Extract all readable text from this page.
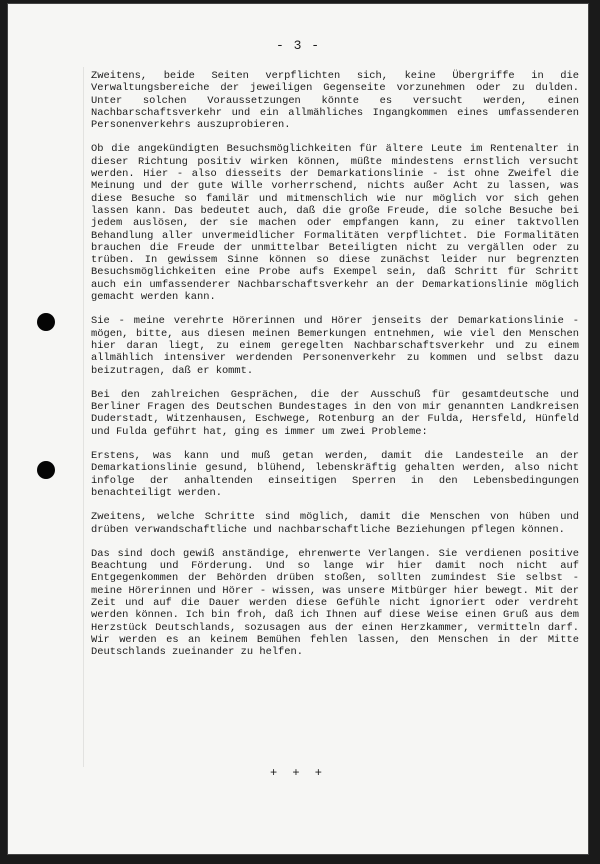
- 3 -

Zweitens, beide Seiten verpflichten sich, keine Übergriffe in die Verwaltungsbereiche der jeweiligen Gegenseite vorzunehmen oder zu dulden. Unter solchen Voraussetzungen könnte es versucht werden, einen Nachbarschaftsverkehr und ein allmähliches Ingangkommen eines umfassenderen Personenverkehrs auszuprobieren.

Ob die angekündigten Besuchsmöglichkeiten für ältere Leute im Rentenalter in dieser Richtung positiv wirken können, müßte mindestens ernstlich versucht werden. Hier - also diesseits der Demarkationslinie - ist ohne Zweifel die Meinung und der gute Wille vorherrschend, nichts außer Acht zu lassen, was diese Besuche so familär und mitmenschlich wie nur möglich vor sich gehen lassen kann. Das bedeutet auch, daß die große Freude, die solche Besuche bei jedem auslösen, der sie machen oder empfangen kann, zu einer taktvollen Behandlung aller unvermeidlicher Formalitäten verpflichtet. Die Formalitäten brauchen die Freude der unmittelbar Beteiligten nicht zu vergällen oder zu trüben. In gewissem Sinne können so diese zunächst leider nur begrenzten Besuchsmöglichkeiten eine Probe aufs Exempel sein, daß Schritt für Schritt auch ein umfassenderer Nachbarschaftsverkehr an der Demarkationslinie möglich gemacht werden kann.

Sie - meine verehrte Hörerinnen und Hörer jenseits der Demarkationslinie - mögen, bitte, aus diesen meinen Bemerkungen entnehmen, wie viel den Menschen hier daran liegt, zu einem geregelten Nachbarschaftsverkehr und zu einem allmählich intensiver werdenden Personenverkehr zu kommen und selbst dazu beizutragen, daß er kommt.

Bei den zahlreichen Gesprächen, die der Ausschuß für gesamtdeutsche und Berliner Fragen des Deutschen Bundestages in den von mir genannten Landkreisen Duderstadt, Witzenhausen, Eschwege, Rotenburg an der Fulda, Hersfeld, Hünfeld und Fulda geführt hat, ging es immer um zwei Probleme:

Erstens, was kann und muß getan werden, damit die Landesteile an der Demarkationslinie gesund, blühend, lebenskräftig gehalten werden, also nicht infolge der anhaltenden einseitigen Sperren in den Lebensbedingungen benachteiligt werden.

Zweitens, welche Schritte sind möglich, damit die Menschen von hüben und drüben verwandschaftliche und nachbarschaftliche Beziehungen pflegen können.

Das sind doch gewiß anständige, ehrenwerte Verlangen. Sie verdienen positive Beachtung und Förderung. Und so lange wir hier damit noch nicht auf Entgegenkommen der Behörden drüben stoßen, sollten zumindest Sie selbst - meine Hörerinnen und Hörer - wissen, was unsere Mitbürger hier bewegt. Mit der Zeit und auf die Dauer werden diese Gefühle nicht ignoriert oder verdreht werden können. Ich bin froh, daß ich Ihnen auf diese Weise einen Gruß aus dem Herzstück Deutschlands, sozusagen aus der einen Herzkammer, vermitteln darf. Wir werden es an keinem Bemühen fehlen lassen, den Menschen in der Mitte Deutschlands zueinander zu helfen.

+ + +
